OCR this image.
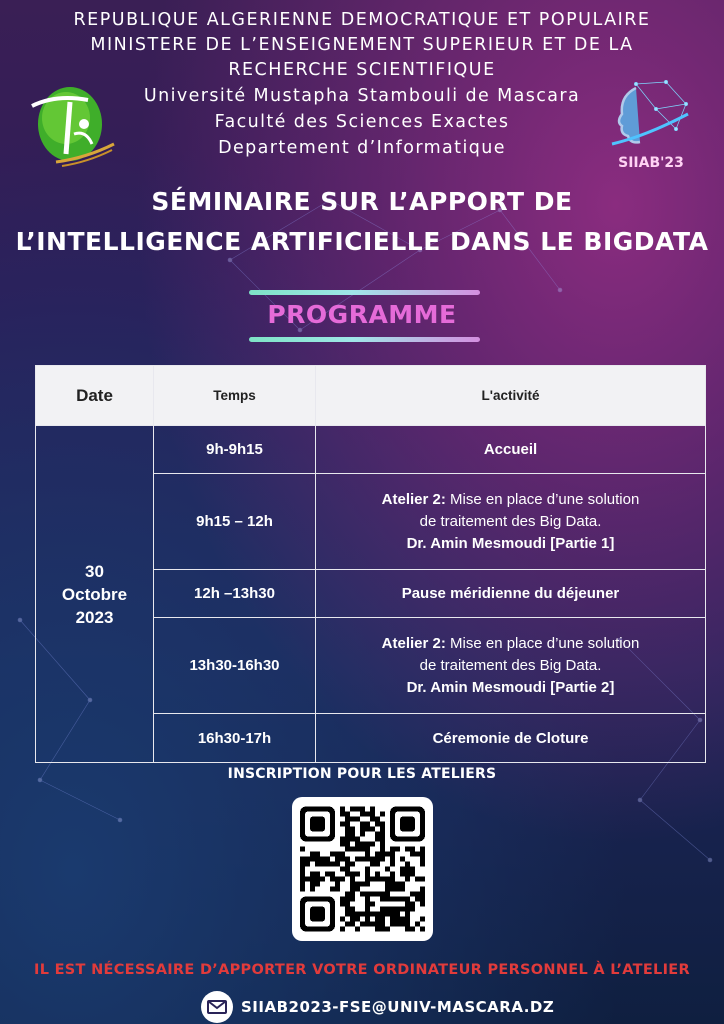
REPUBLIQUE ALGERIENNE DEMOCRATIQUE ET POPULAIRE
MINISTERE DE L’ENSEIGNEMENT SUPERIEUR ET DE LA
RECHERCHE SCIENTIFIQUE
Université Mustapha Stambouli de Mascara
Faculté des Sciences Exactes
Departement d’Informatique
SIIAB'23
SÉMINAIRE SUR L’APPORT DE
L’INTELLIGENCE ARTIFICIELLE DANS LE BIGDATA
PROGRAMME
Date	Temps	L'activité

30
Octobre
2023	9h-9h15	Accueil
	9h15 – 12h	Atelier 2: Mise en place d’une solution
de traitement des Big Data.
Dr. Amin Mesmoudi [Partie 1]

	12h –13h30	Pause méridienne du déjeuner
	13h30-16h30	Atelier 2: Mise en place d’une solution
de traitement des Big Data.
Dr. Amin Mesmoudi [Partie 2]

	16h30-17h	Céremonie de Cloture
INSCRIPTION POUR LES ATELIERS
IL EST NÉCESSAIRE D’APPORTER VOTRE ORDINATEUR PERSONNEL À L’ATELIER
SIIAB2023-FSE@UNIV-MASCARA.DZ
